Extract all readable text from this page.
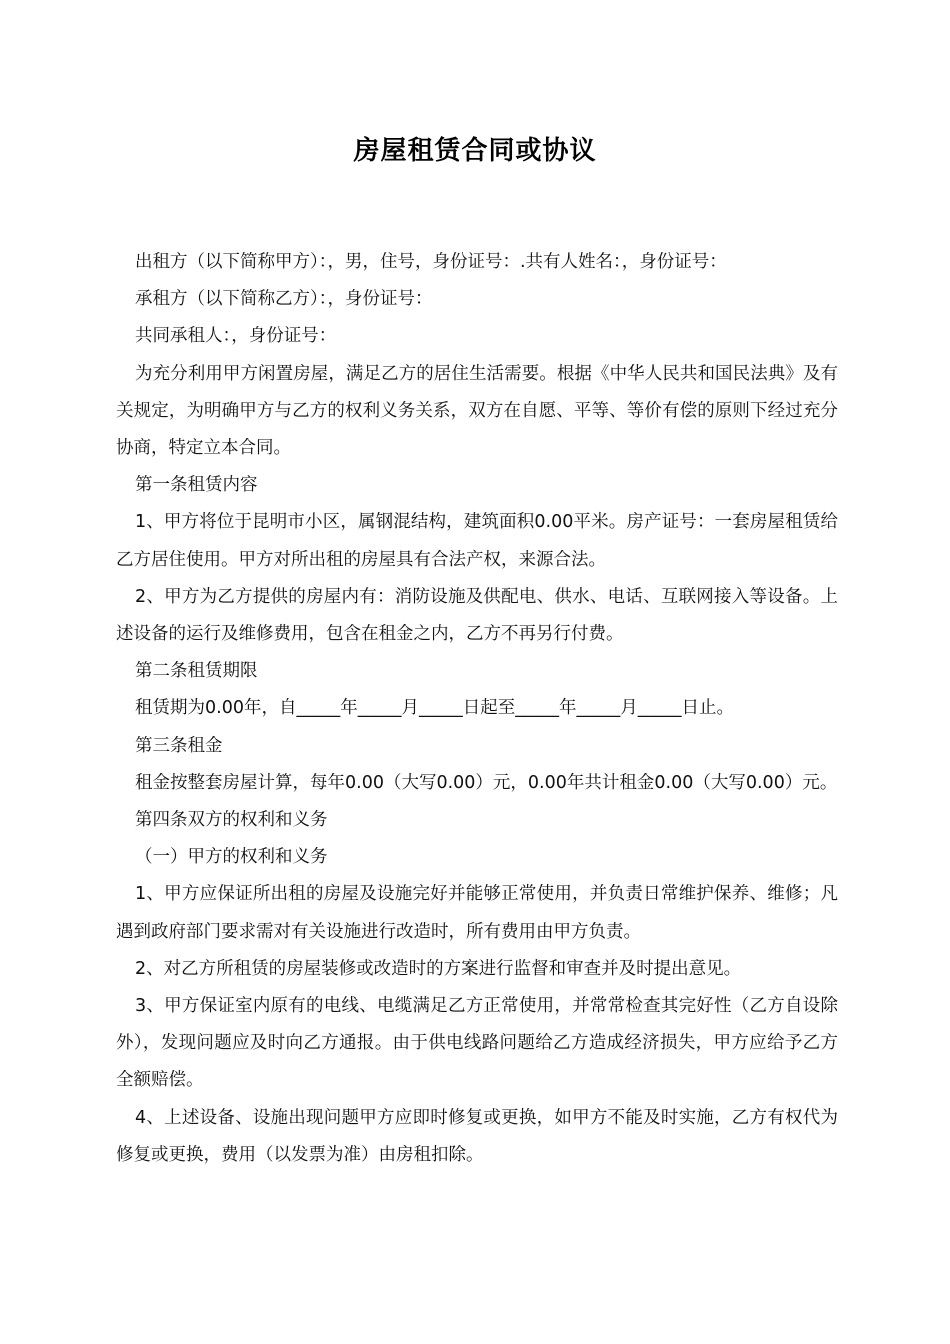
房屋租赁合同或协议

出租方（以下简称甲方）：，男，住号，身份证号：.共有人姓名：，身份证号：

承租方（以下简称乙方）：，身份证号：

共同承租人：，身份证号：

为充分利用甲方闲置房屋，满足乙方的居住生活需要。根据《中华人民共和国民法典》及有关规定，为明确甲方与乙方的权利义务关系，双方在自愿、平等、等价有偿的原则下经过充分协商，特定立本合同。

第一条租赁内容

1、甲方将位于昆明市小区，属钢混结构，建筑面积0.00平米。房产证号：一套房屋租赁给乙方居住使用。甲方对所出租的房屋具有合法产权，来源合法。

2、甲方为乙方提供的房屋内有：消防设施及供配电、供水、电话、互联网接入等设备。上述设备的运行及维修费用，包含在租金之内，乙方不再另行付费。

第二条租赁期限

租赁期为0.00年，自_____年_____月_____日起至_____年_____月_____日止。

第三条租金

租金按整套房屋计算，每年0.00（大写0.00）元，0.00年共计租金0.00（大写0.00）元。

第四条双方的权利和义务

（一）甲方的权利和义务

1、甲方应保证所出租的房屋及设施完好并能够正常使用，并负责日常维护保养、维修；凡遇到政府部门要求需对有关设施进行改造时，所有费用由甲方负责。

2、对乙方所租赁的房屋装修或改造时的方案进行监督和审查并及时提出意见。

3、甲方保证室内原有的电线、电缆满足乙方正常使用，并常常检查其完好性（乙方自设除外），发现问题应及时向乙方通报。由于供电线路问题给乙方造成经济损失，甲方应给予乙方全额赔偿。

4、上述设备、设施出现问题甲方应即时修复或更换，如甲方不能及时实施，乙方有权代为修复或更换，费用（以发票为准）由房租扣除。
